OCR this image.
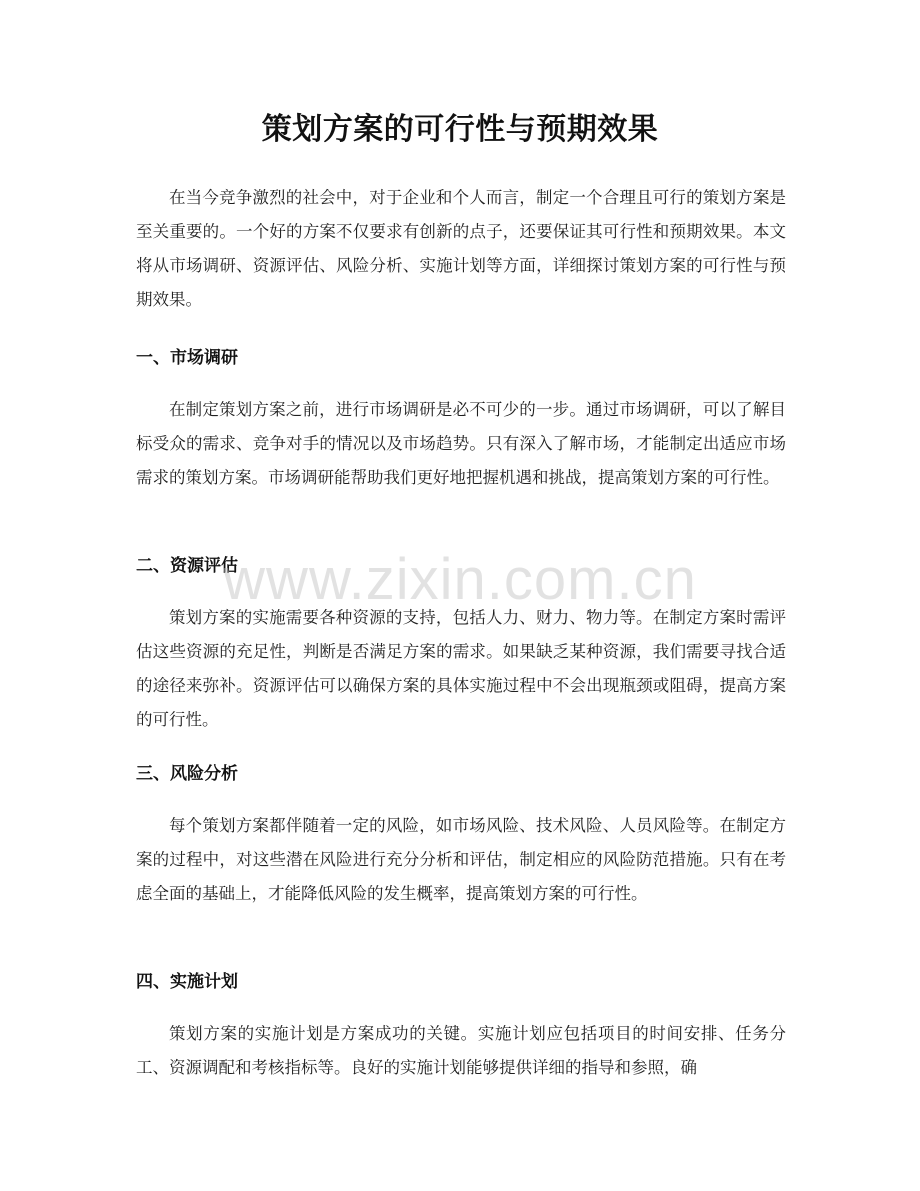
策划方案的可行性与预期效果
在当今竞争激烈的社会中，对于企业和个人而言，制定一个合理且可行的策划方案是至关重要的。一个好的方案不仅要求有创新的点子，还要保证其可行性和预期效果。本文将从市场调研、资源评估、风险分析、实施计划等方面，详细探讨策划方案的可行性与预期效果。
一、市场调研
在制定策划方案之前，进行市场调研是必不可少的一步。通过市场调研，可以了解目标受众的需求、竞争对手的情况以及市场趋势。只有深入了解市场，才能制定出适应市场需求的策划方案。市场调研能帮助我们更好地把握机遇和挑战，提高策划方案的可行性。
二、资源评估
策划方案的实施需要各种资源的支持，包括人力、财力、物力等。在制定方案时需评估这些资源的充足性，判断是否满足方案的需求。如果缺乏某种资源，我们需要寻找合适的途径来弥补。资源评估可以确保方案的具体实施过程中不会出现瓶颈或阻碍，提高方案的可行性。
三、风险分析
每个策划方案都伴随着一定的风险，如市场风险、技术风险、人员风险等。在制定方案的过程中，对这些潜在风险进行充分分析和评估，制定相应的风险防范措施。只有在考虑全面的基础上，才能降低风险的发生概率，提高策划方案的可行性。
四、实施计划
策划方案的实施计划是方案成功的关键。实施计划应包括项目的时间安排、任务分工、资源调配和考核指标等。良好的实施计划能够提供详细的指导和参照，确
www.zixin.com.cn
